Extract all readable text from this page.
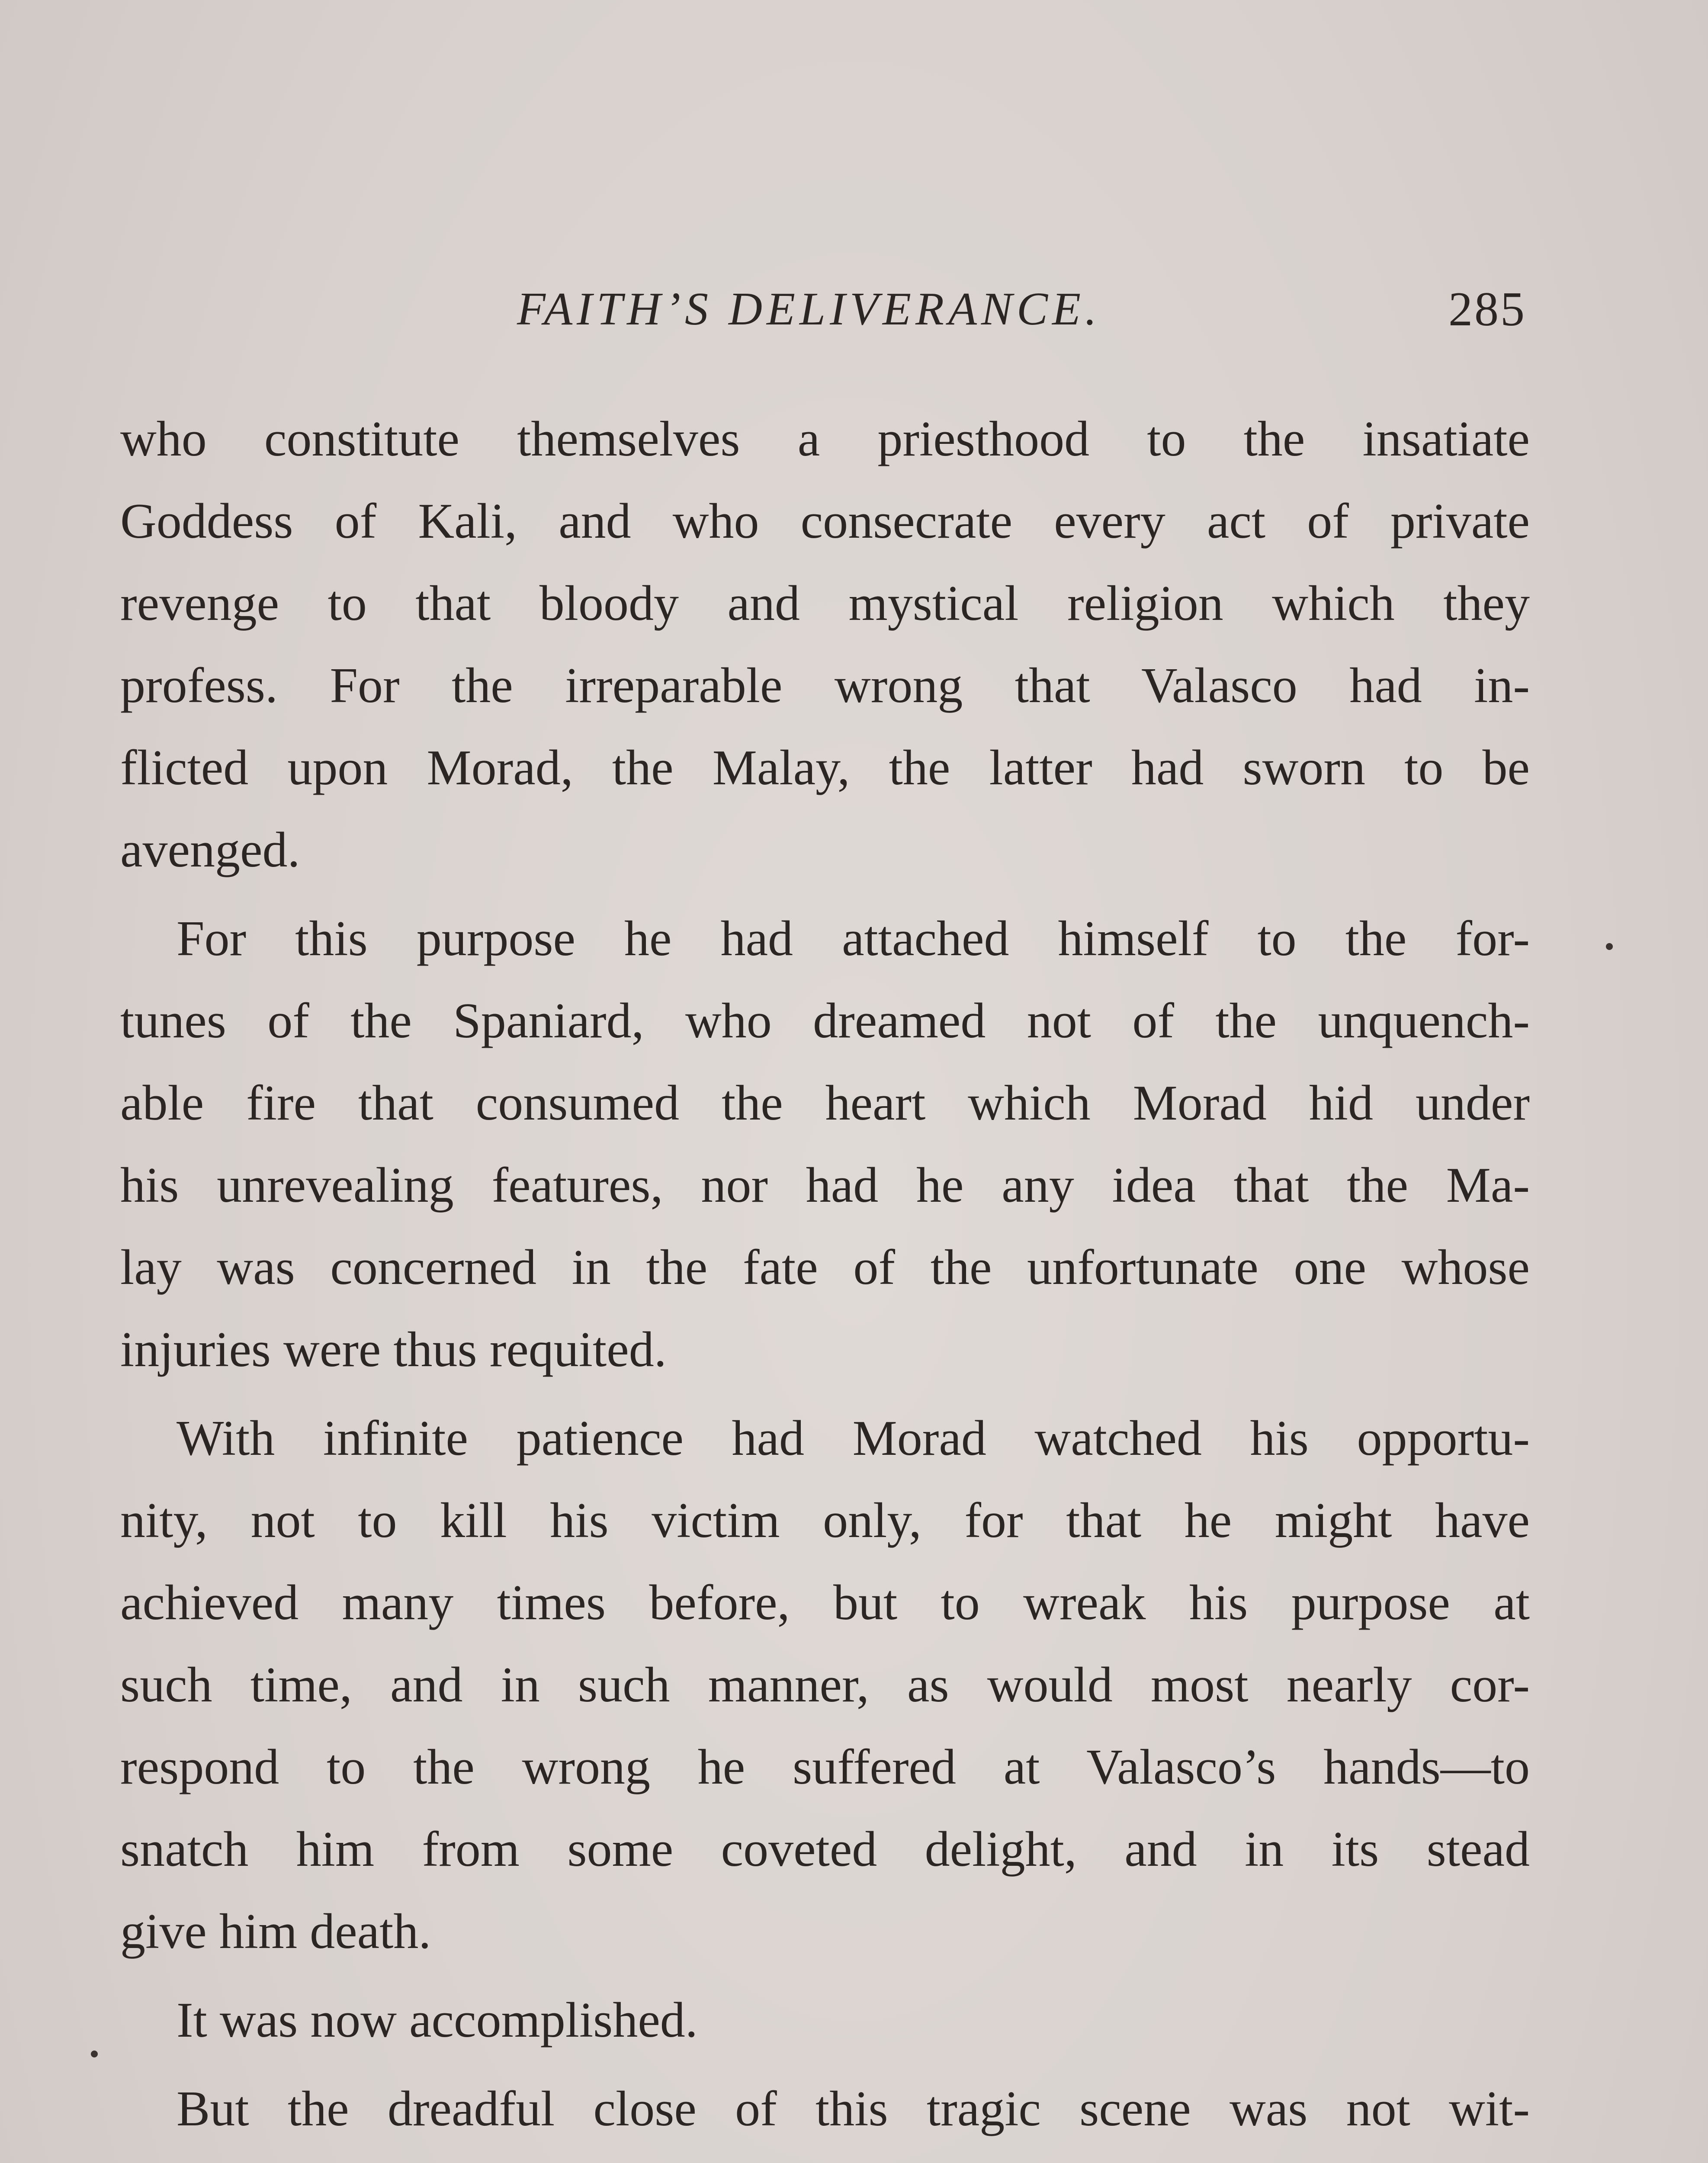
FAITH’S DELIVERANCE.	285
who constitute themselves a priesthood to the insatiate
Goddess of Kali, and who consecrate every act of private
revenge to that bloody and mystical religion which they
profess. For the irreparable wrong that Valasco had in-
flicted upon Morad, the Malay, the latter had sworn to be
avenged.
For this purpose he had attached himself to the for-
tunes of the Spaniard, who dreamed not of the unquench-
able fire that consumed the heart which Morad hid under
his unrevealing features, nor had he any idea that the Ma-
lay was concerned in the fate of the unfortunate one whose
injuries were thus requited.
With infinite patience had Morad watched his opportu-
nity, not to kill his victim only, for that he might have
achieved many times before, but to wreak his purpose at
such time, and in such manner, as would most nearly cor-
respond to the wrong he suffered at Valasco’s hands—to
snatch him from some coveted delight, and in its stead
give him death.
It was now accomplished.
But the dreadful close of this tragic scene was not wit-
